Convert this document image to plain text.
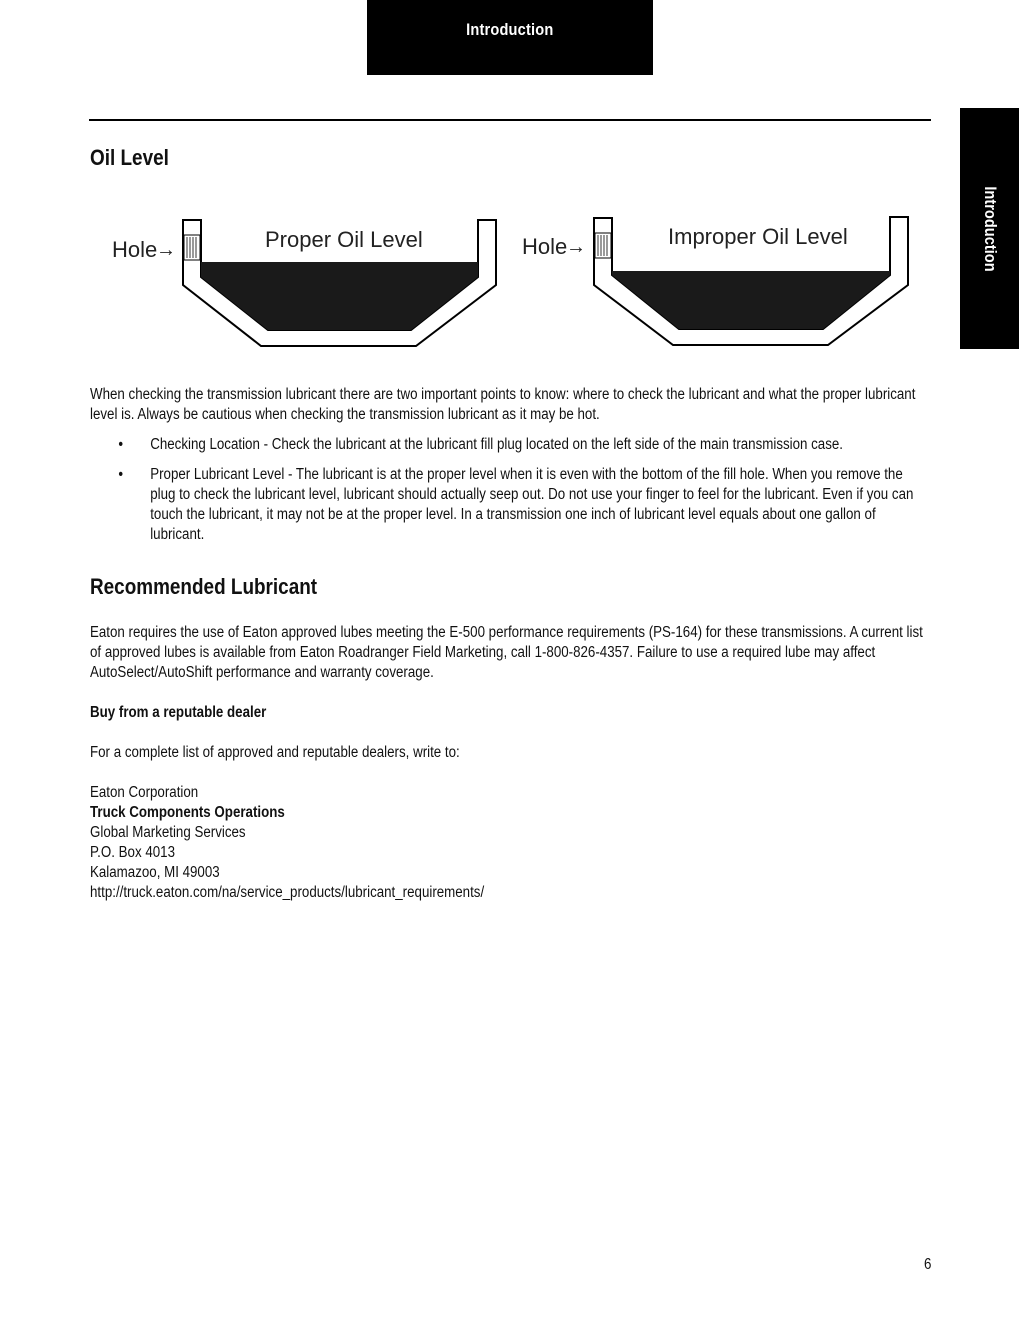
Introduction
Introduction
Oil Level
Hole
→	Proper Oil Level	Hole
→	Improper Oil Level

When checking the transmission lubricant there are two important points to know: where to check the lubricant and what the proper lubricant level is. Always be cautious when checking the transmission lubricant as it may be hot.

• Checking Location - Check the lubricant at the lubricant fill plug located on the left side of the main transmission case.
• Proper Lubricant Level - The lubricant is at the proper level when it is even with the bottom of the fill hole. When you remove the plug to check the lubricant level, lubricant should actually seep out. Do not use your finger to feel for the lubricant. Even if you can touch the lubricant, it may not be at the proper level. In a transmission one inch of lubricant level equals about one gallon of lubricant.
Recommended Lubricant

Eaton requires the use of Eaton approved lubes meeting the E-500 performance requirements (PS-164) for these transmissions. A current list of approved lubes is available from Eaton Roadranger Field Marketing, call 1-800-826-4357. Failure to use a required lube may affect AutoSelect/AutoShift performance and warranty coverage.

Buy from a reputable dealer

For a complete list of approved and reputable dealers, write to:

Eaton Corporation
Truck Components Operations
Global Marketing Services
P.O. Box 4013
Kalamazoo, MI 49003
http://truck.eaton.com/na/service_products/lubricant_requirements/
6
